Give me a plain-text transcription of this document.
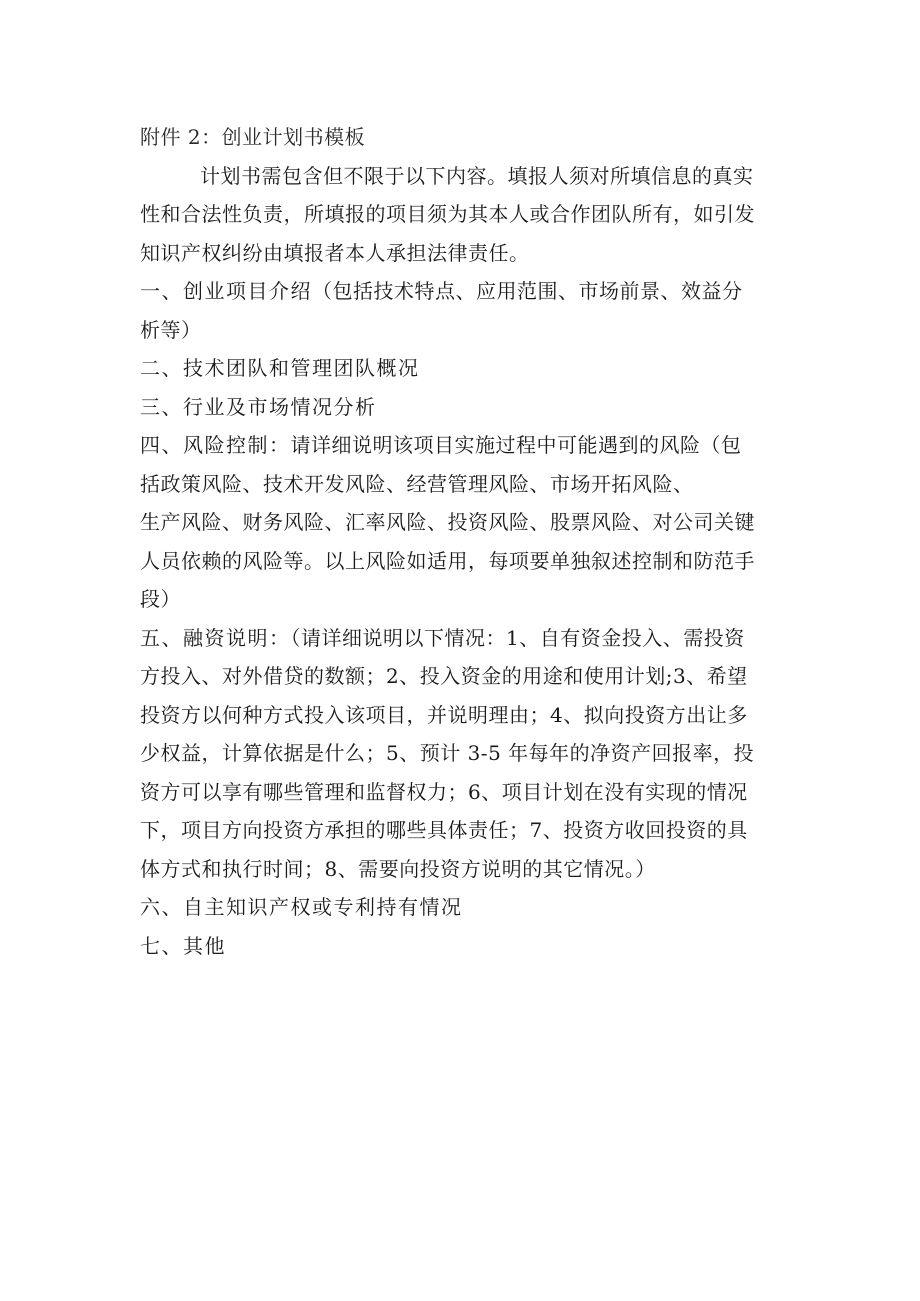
附件 2：创业计划书模板

计划书需包含但不限于以下内容。填报人须对所填信息的真实
性和合法性负责，所填报的项目须为其本人或合作团队所有，如引发
知识产权纠纷由填报者本人承担法律责任。

一、创业项目介绍（包括技术特点、应用范围、市场前景、效益分
析等）

二、技术团队和管理团队概况

三、行业及市场情况分析

四、风险控制：请详细说明该项目实施过程中可能遇到的风险（包
括政策风险、技术开发风险、经营管理风险、市场开拓风险、
生产风险、财务风险、汇率风险、投资风险、股票风险、对公司关键
人员依赖的风险等。以上风险如适用，每项要单独叙述控制和防范手
段）

五、融资说明：（请详细说明以下情况：1、自有资金投入、需投资
方投入、对外借贷的数额；2、投入资金的用途和使用计划;3、希望
投资方以何种方式投入该项目，并说明理由；4、拟向投资方出让多
少权益，计算依据是什么；5、预计 3-5 年每年的净资产回报率，投
资方可以享有哪些管理和监督权力；6、项目计划在没有实现的情况
下，项目方向投资方承担的哪些具体责任；7、投资方收回投资的具
体方式和执行时间；8、需要向投资方说明的其它情况。）

六、自主知识产权或专利持有情况

七、其他
